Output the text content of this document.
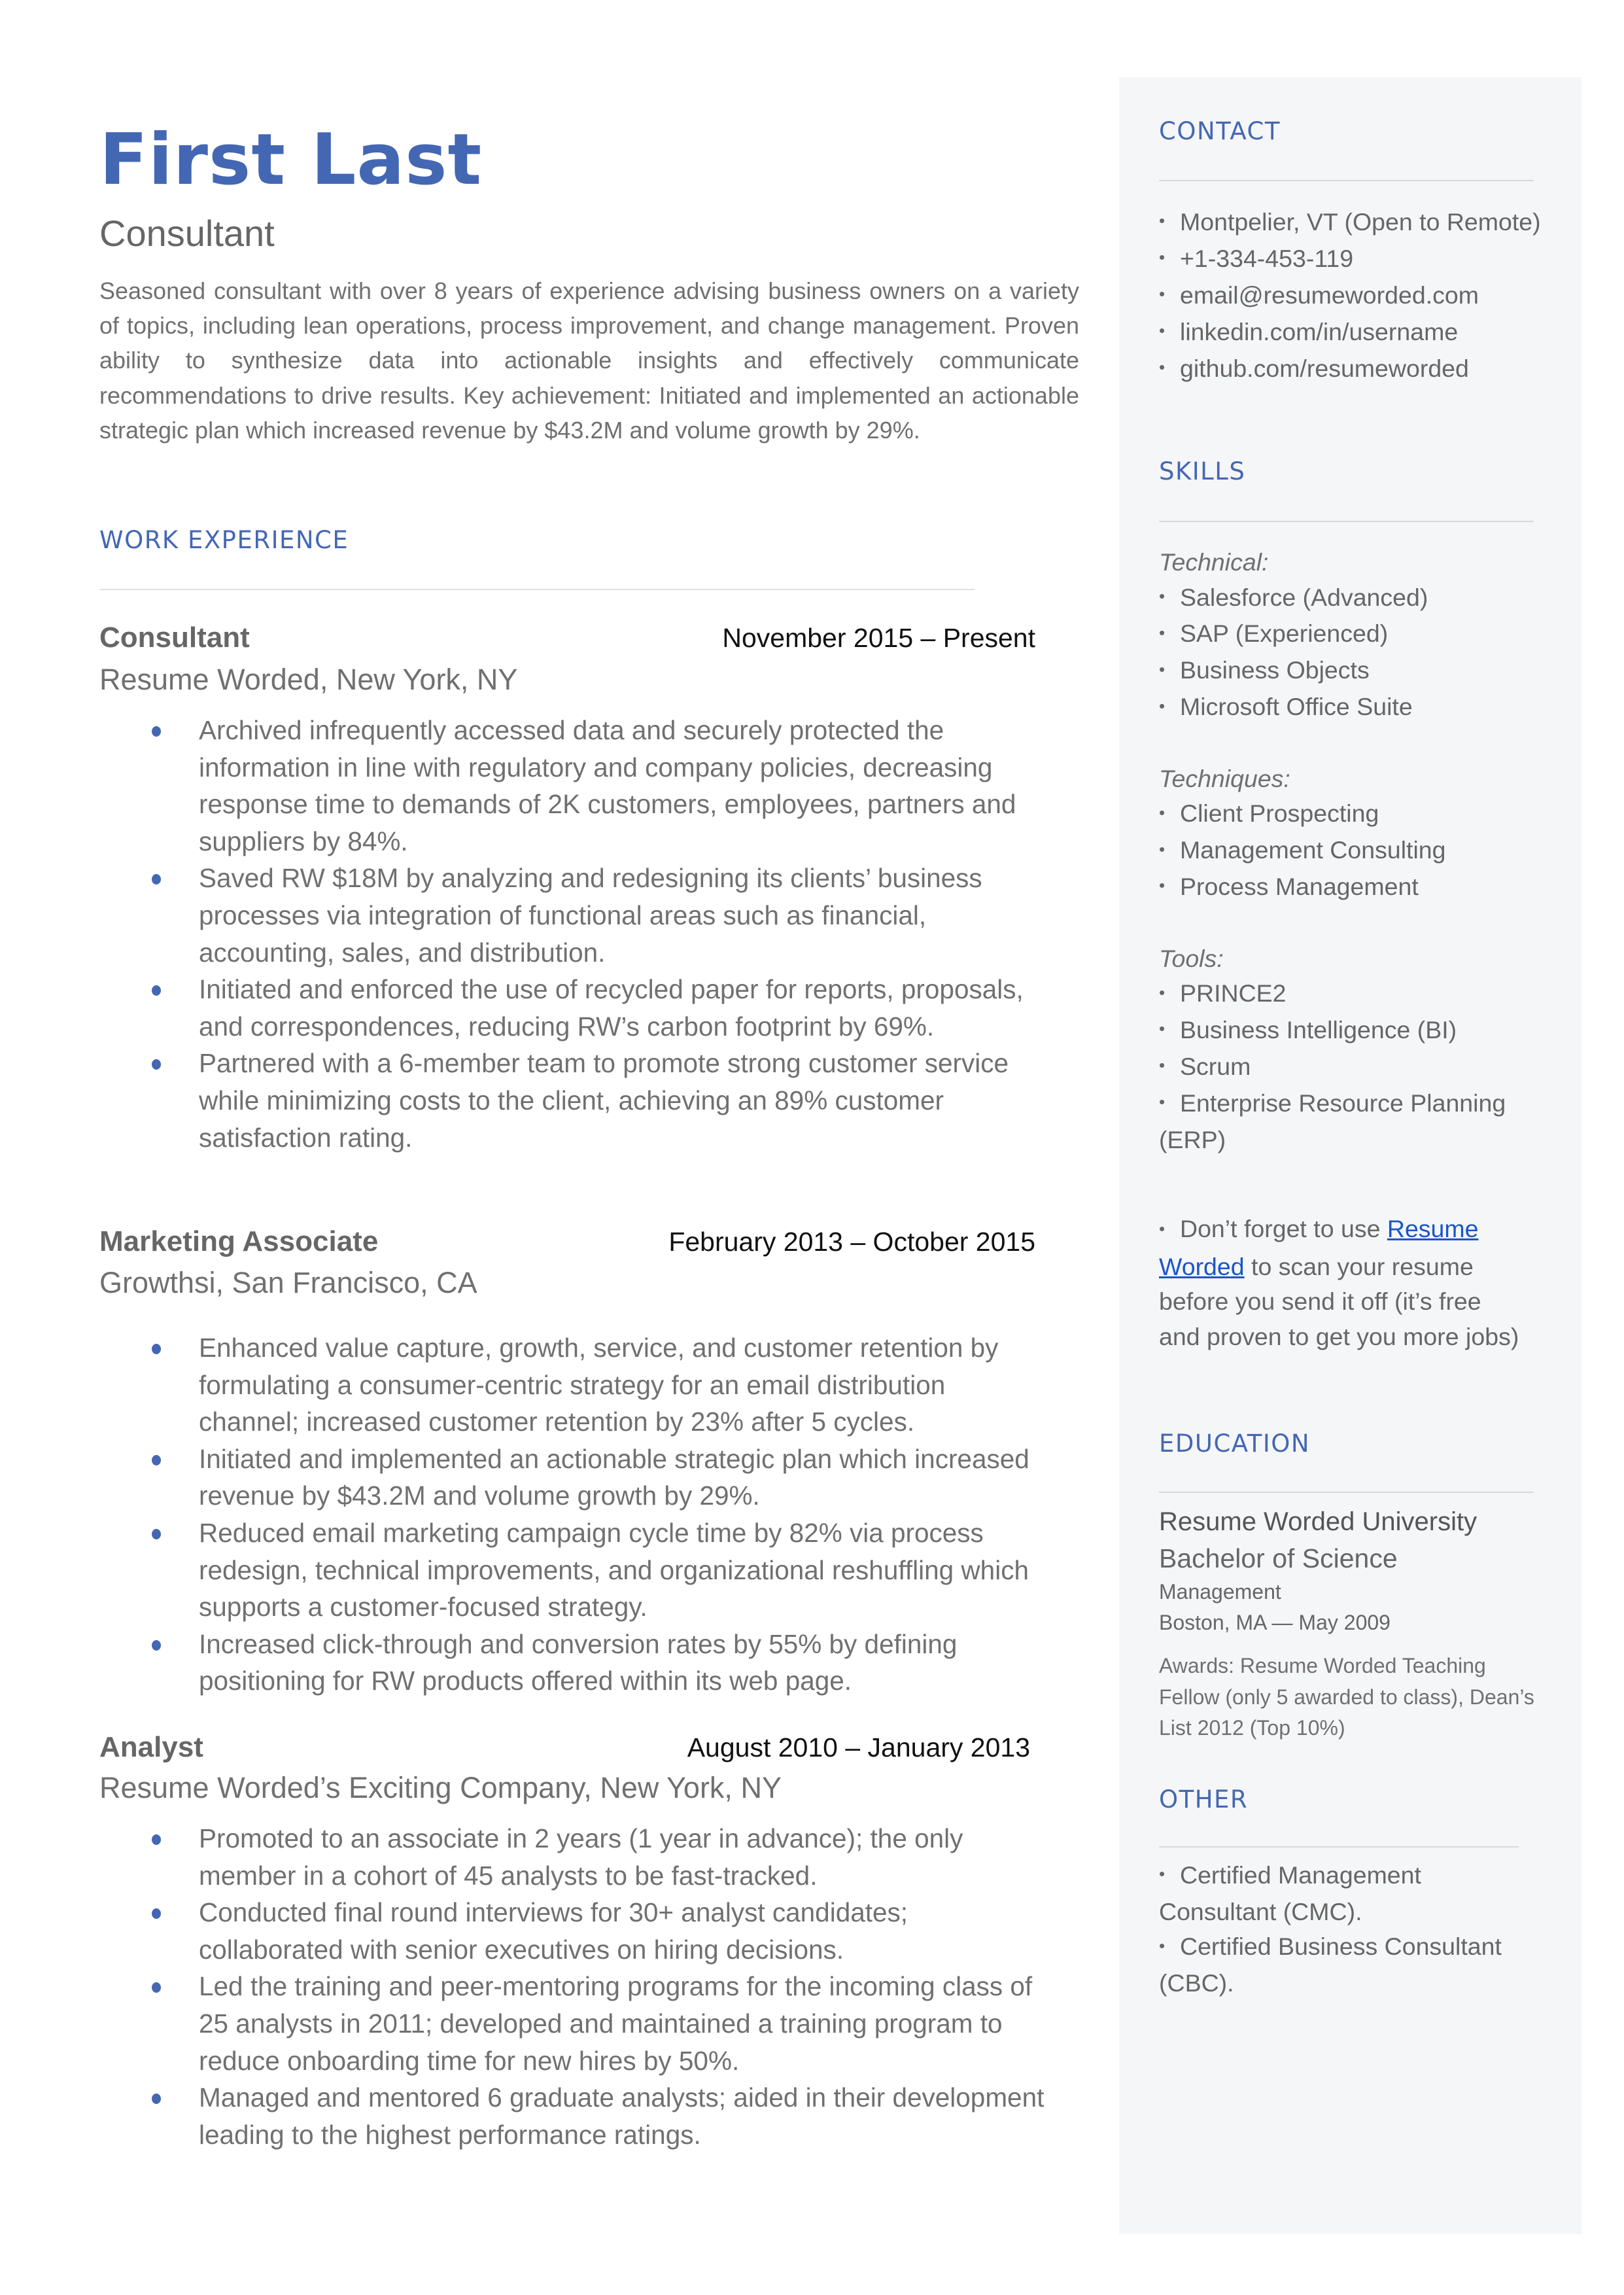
First Last
Consultant
Seasoned consultant with over 8 years of experience advising business owners on a variety of topics, including lean operations, process improvement, and change management. Proven ability to synthesize data into actionable insights and effectively communicate recommendations to drive results. Key achievement: Initiated and implemented an actionable strategic plan which increased revenue by $43.2M and volume growth by 29%.
WORK EXPERIENCE
Consultant	November 2015 – Present
Resume Worded, New York, NY
Archived infrequently accessed data and securely protected the information in line with regulatory and company policies, decreasing response time to demands of 2K customers, employees, partners and suppliers by 84%.
Saved RW $18M by analyzing and redesigning its clients’ business processes via integration of functional areas such as financial, accounting, sales, and distribution.
Initiated and enforced the use of recycled paper for reports, proposals, and correspondences, reducing RW’s carbon footprint by 69%.
Partnered with a 6-member team to promote strong customer service while minimizing costs to the client, achieving an 89% customer satisfaction rating.
Marketing Associate	February 2013 – October 2015
Growthsi, San Francisco, CA
Enhanced value capture, growth, service, and customer retention by formulating a consumer-centric strategy for an email distribution channel; increased customer retention by 23% after 5 cycles.
Initiated and implemented an actionable strategic plan which increased revenue by $43.2M and volume growth by 29%.
Reduced email marketing campaign cycle time by 82% via process redesign, technical improvements, and organizational reshuffling which supports a customer-focused strategy.
Increased click-through and conversion rates by 55% by defining positioning for RW products offered within its web page.
Analyst	August 2010 – January 2013
Resume Worded’s Exciting Company, New York, NY
Promoted to an associate in 2 years (1 year in advance); the only member in a cohort of 45 analysts to be fast-tracked.
Conducted final round interviews for 30+ analyst candidates; collaborated with senior executives on hiring decisions.
Led the training and peer-mentoring programs for the incoming class of 25 analysts in 2011; developed and maintained a training program to reduce onboarding time for new hires by 50%.
Managed and mentored 6 graduate analysts; aided in their development leading to the highest performance ratings.
CONTACT
• Montpelier, VT (Open to Remote)
• +1-334-453-119
• email@resumeworded.com
• linkedin.com/in/username
• github.com/resumeworded
SKILLS
Technical:
• Salesforce (Advanced)
• SAP (Experienced)
• Business Objects
• Microsoft Office Suite
Techniques:
• Client Prospecting
• Management Consulting
• Process Management
Tools:
• PRINCE2
• Business Intelligence (BI)
• Scrum
• Enterprise Resource Planning (ERP)
• Don’t forget to use Resume Worded to scan your resume before you send it off (it’s free and proven to get you more jobs)
EDUCATION
Resume Worded University
Bachelor of Science
Management
Boston, MA — May 2009
Awards: Resume Worded Teaching Fellow (only 5 awarded to class), Dean’s List 2012 (Top 10%)
OTHER
• Certified Management Consultant (CMC).
• Certified Business Consultant (CBC).
